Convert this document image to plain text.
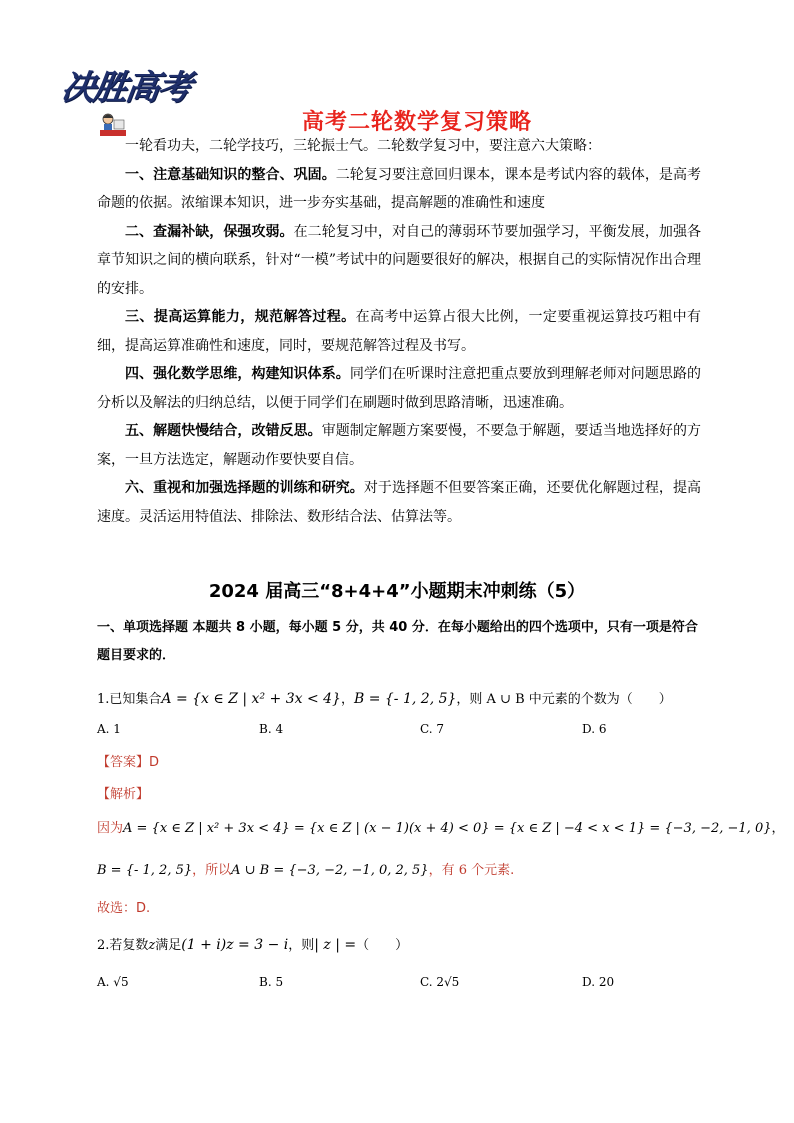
决胜高考
高考二轮数学复习策略

一轮看功夫，二轮学技巧，三轮振士气。二轮数学复习中，要注意六大策略：

一、注意基础知识的整合、巩固。二轮复习要注意回归课本，课本是考试内容的载体，是高考命题的依据。浓缩课本知识，进一步夯实基础，提高解题的准确性和速度

二、查漏补缺，保强攻弱。在二轮复习中，对自己的薄弱环节要加强学习，平衡发展，加强各章节知识之间的横向联系，针对“一模”考试中的问题要很好的解决，根据自己的实际情况作出合理的安排。

三、提高运算能力，规范解答过程。在高考中运算占很大比例，一定要重视运算技巧粗中有细，提高运算准确性和速度，同时，要规范解答过程及书写。

四、强化数学思维，构建知识体系。同学们在听课时注意把重点要放到理解老师对问题思路的分析以及解法的归纳总结，以便于同学们在刷题时做到思路清晰，迅速准确。

五、解题快慢结合，改错反思。审题制定解题方案要慢，不要急于解题，要适当地选择好的方案，一旦方法选定，解题动作要快要自信。

六、重视和加强选择题的训练和研究。对于选择题不但要答案正确，还要优化解题过程，提高速度。灵活运用特值法、排除法、数形结合法、估算法等。

2024 届高三“8+4+4”小题期末冲刺练（5）
一、单项选择题 本题共 8 小题，每小题 5 分，共 40 分．在每小题给出的四个选项中，只有一项是符合题目要求的．
1.已知集合A = {x ∈ Z | x² + 3x < 4}，B = {- 1, 2, 5}，则 A ∪ B 中元素的个数为（　　）
A. 1	B. 4	C. 7	D. 6
【答案】D
【解析】
因为A = {x ∈ Z | x² + 3x < 4} = {x ∈ Z | (x − 1)(x + 4) < 0} = {x ∈ Z | −4 < x < 1} = {−3, −2, −1, 0}，
B = {- 1, 2, 5}，所以A ∪ B = {−3, −2, −1, 0, 2, 5}，有 6 个元素.
故选：D.
2.若复数z满足(1 + i)z = 3 − i，则| z | =（　　）
A. √5	B. 5	C. 2√5	D. 20
